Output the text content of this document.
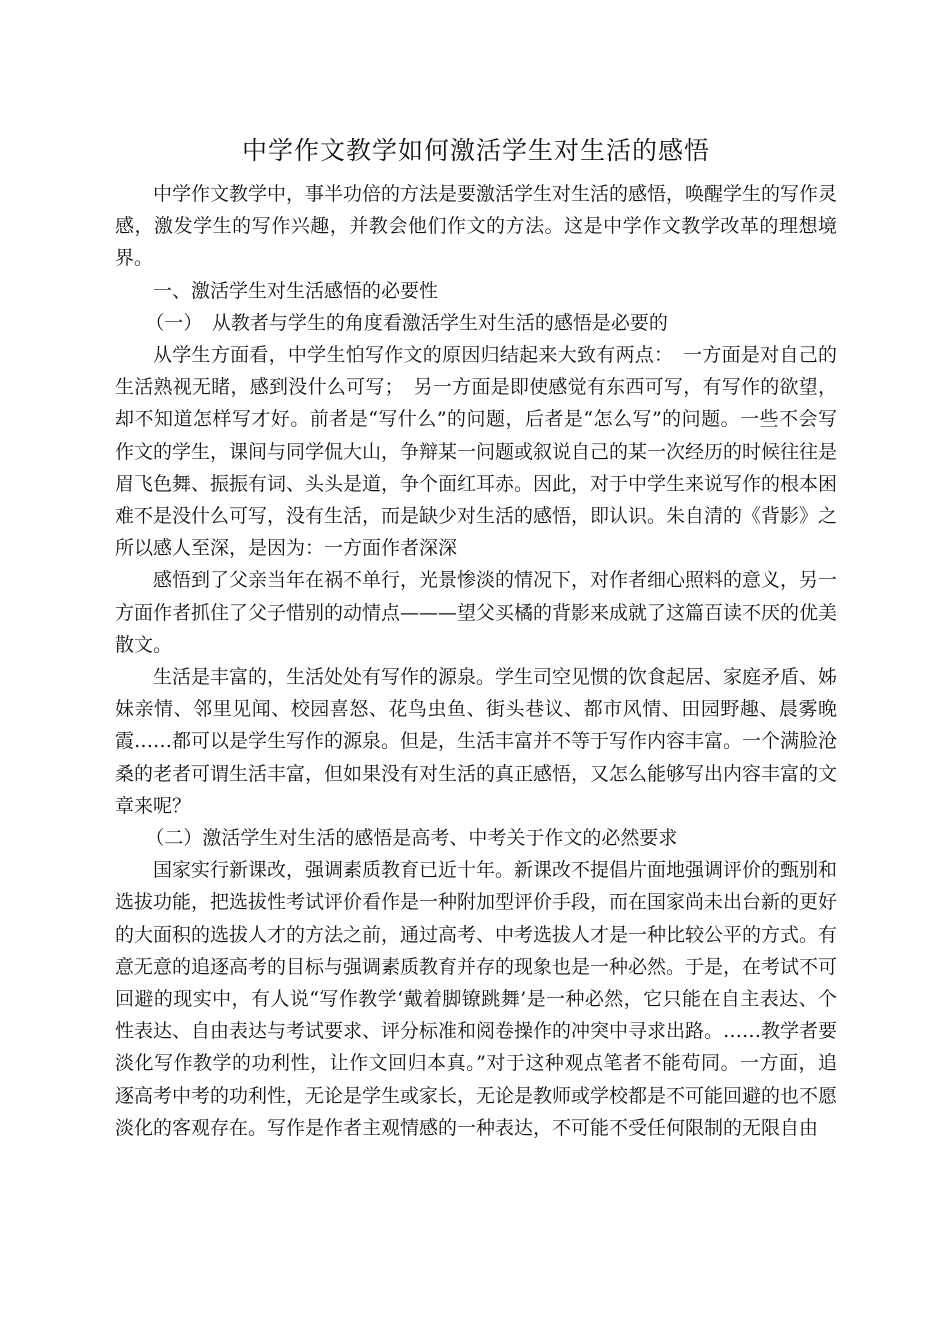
中学作文教学如何激活学生对生活的感悟

中学作文教学中，事半功倍的方法是要激活学生对生活的感悟，唤醒学生的写作灵感，激发学生的写作兴趣，并教会他们作文的方法。这是中学作文教学改革的理想境界。

一、激活学生对生活感悟的必要性

（一）　从教者与学生的角度看激活学生对生活的感悟是必要的

从学生方面看，中学生怕写作文的原因归结起来大致有两点：　一方面是对自己的生活熟视无睹，感到没什么可写；　另一方面是即使感觉有东西可写，有写作的欲望，却不知道怎样写才好。前者是“写什么”的问题，后者是“怎么写”的问题。一些不会写作文的学生，课间与同学侃大山，争辩某一问题或叙说自己的某一次经历的时候往往是眉飞色舞、振振有词、头头是道，争个面红耳赤。因此，对于中学生来说写作的根本困难不是没什么可写，没有生活，而是缺少对生活的感悟，即认识。朱自清的《背影》之所以感人至深，是因为：一方面作者深深

感悟到了父亲当年在祸不单行，光景惨淡的情况下，对作者细心照料的意义，另一方面作者抓住了父子惜别的动情点———望父买橘的背影来成就了这篇百读不厌的优美散文。

生活是丰富的，生活处处有写作的源泉。学生司空见惯的饮食起居、家庭矛盾、姊妹亲情、邻里见闻、校园喜怒、花鸟虫鱼、街头巷议、都市风情、田园野趣、晨雾晚霞……都可以是学生写作的源泉。但是，生活丰富并不等于写作内容丰富。一个满脸沧桑的老者可谓生活丰富，但如果没有对生活的真正感悟，又怎么能够写出内容丰富的文章来呢？

（二）激活学生对生活的感悟是高考、中考关于作文的必然要求

国家实行新课改，强调素质教育已近十年。新课改不提倡片面地强调评价的甄别和选拔功能，把选拔性考试评价看作是一种附加型评价手段，而在国家尚未出台新的更好的大面积的选拔人才的方法之前，通过高考、中考选拔人才是一种比较公平的方式。有意无意的追逐高考的目标与强调素质教育并存的现象也是一种必然。于是，在考试不可回避的现实中，有人说“写作教学‘戴着脚镣跳舞’是一种必然，它只能在自主表达、个性表达、自由表达与考试要求、评分标准和阅卷操作的冲突中寻求出路。……教学者要淡化写作教学的功利性，让作文回归本真。”对于这种观点笔者不能苟同。一方面，追逐高考中考的功利性，无论是学生或家长，无论是教师或学校都是不可能回避的也不愿淡化的客观存在。写作是作者主观情感的一种表达，不可能不受任何限制的无限自由
